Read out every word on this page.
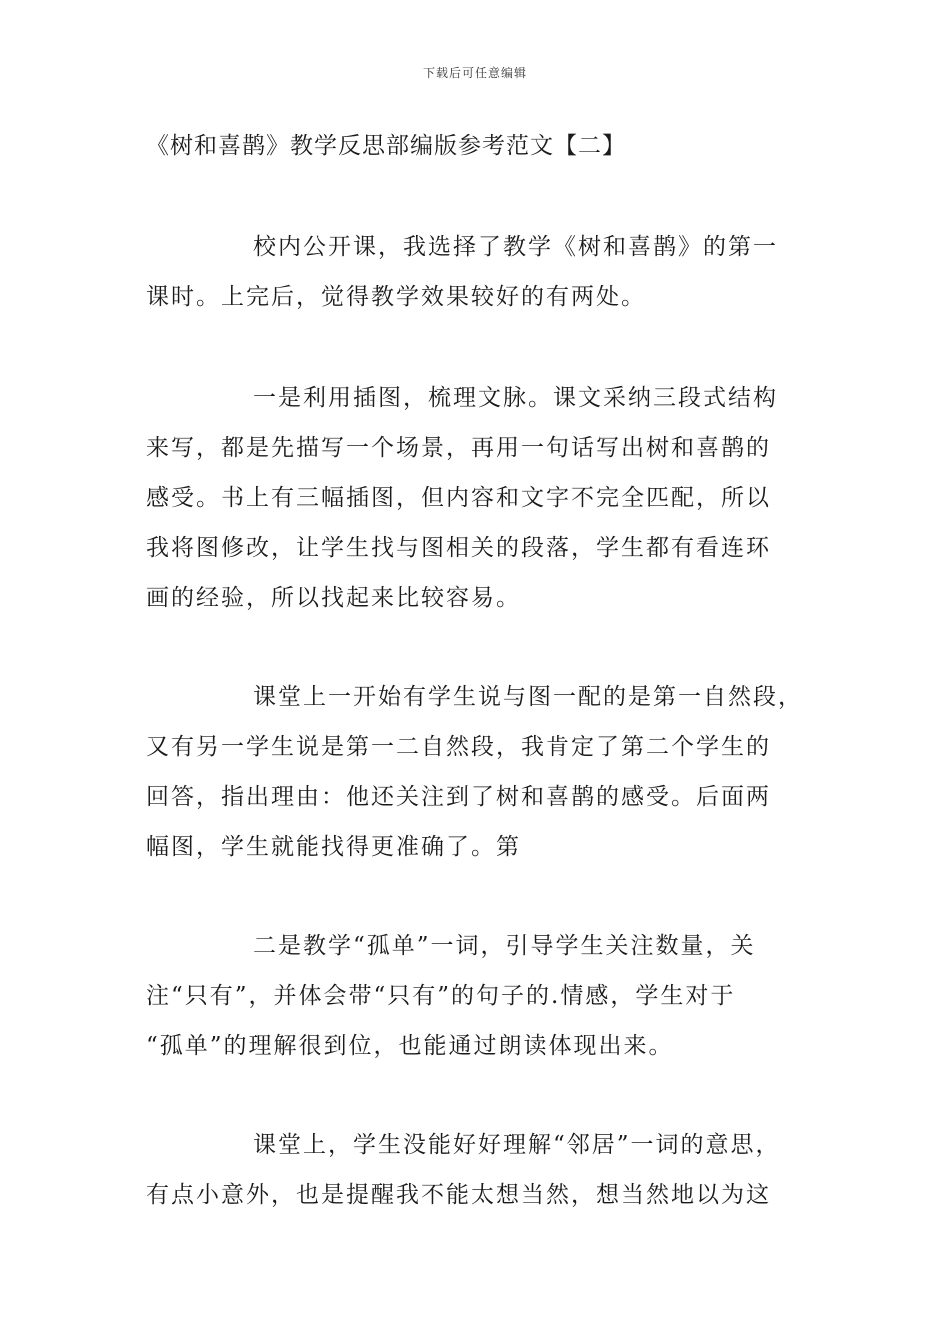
下载后可任意编辑
《树和喜鹊》教学反思部编版参考范文【二】
校内公开课，我选择了教学《树和喜鹊》的第一
课时。上完后，觉得教学效果较好的有两处。
一是利用插图，梳理文脉。课文采纳三段式结构
来写，都是先描写一个场景，再用一句话写出树和喜鹊的
感受。书上有三幅插图，但内容和文字不完全匹配，所以
我将图修改，让学生找与图相关的段落，学生都有看连环
画的经验，所以找起来比较容易。
课堂上一开始有学生说与图一配的是第一自然段，
又有另一学生说是第一二自然段，我肯定了第二个学生的
回答，指出理由：他还关注到了树和喜鹊的感受。后面两
幅图，学生就能找得更准确了。第
二是教学“孤单”一词，引导学生关注数量，关
注“只有”，并体会带“只有”的句子的.情感，学生对于
“孤单”的理解很到位，也能通过朗读体现出来。
课堂上，学生没能好好理解“邻居”一词的意思，
有点小意外，也是提醒我不能太想当然，想当然地以为这
